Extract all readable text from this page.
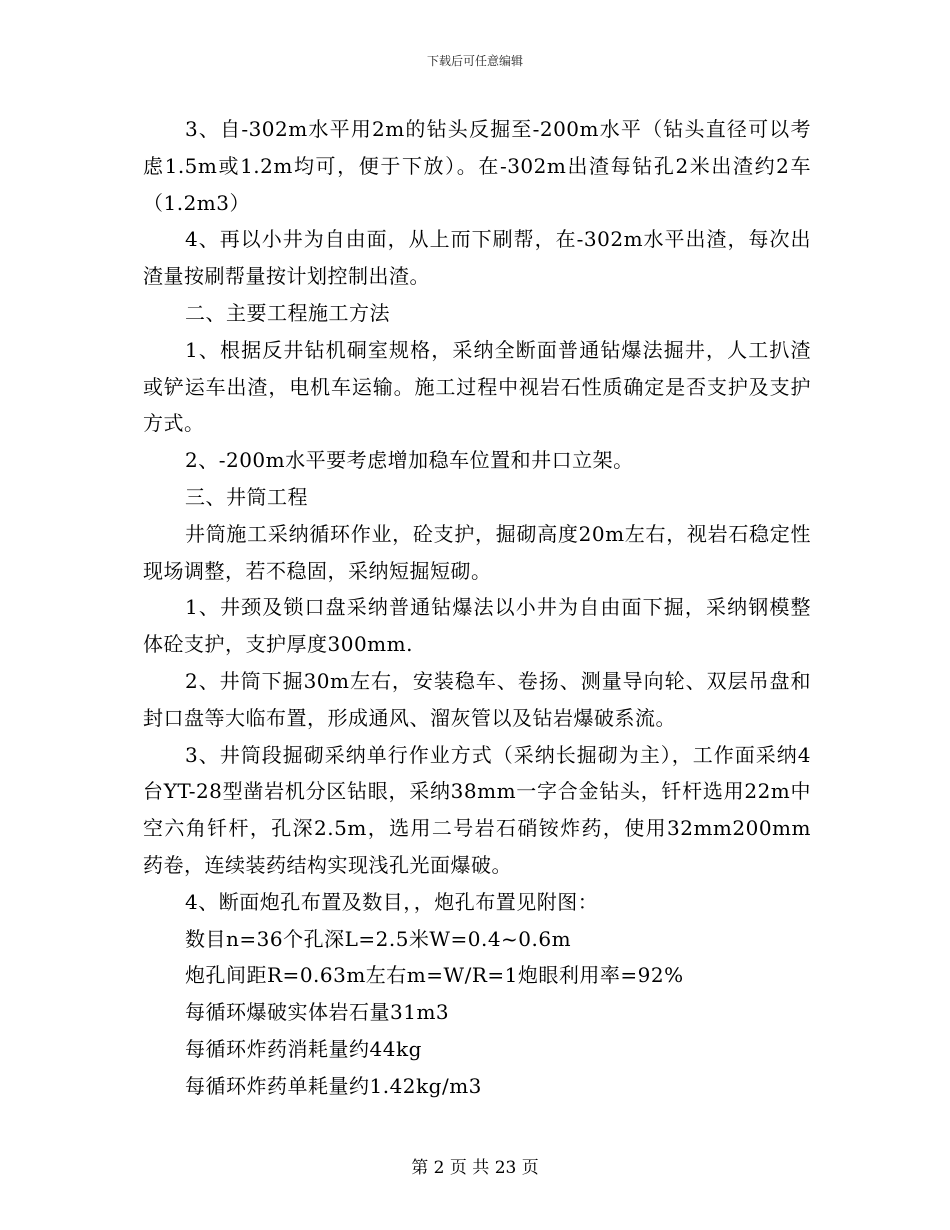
下载后可任意编辑

3、自-302m水平用2m的钻头反掘至-200m水平（钻头直径可以考虑1.5m或1.2m均可，便于下放）。在-302m出渣每钻孔2米出渣约2车（1.2m3）

4、再以小井为自由面，从上而下刷帮，在-302m水平出渣，每次出渣量按刷帮量按计划控制出渣。

二、主要工程施工方法

1、根据反井钻机硐室规格，采纳全断面普通钻爆法掘井，人工扒渣或铲运车出渣，电机车运输。施工过程中视岩石性质确定是否支护及支护方式。

2、-200m水平要考虑增加稳车位置和井口立架。

三、井筒工程

井筒施工采纳循环作业，砼支护，掘砌高度20m左右，视岩石稳定性现场调整，若不稳固，采纳短掘短砌。

1、井颈及锁口盘采纳普通钻爆法以小井为自由面下掘，采纳钢模整体砼支护，支护厚度300mm.

2、井筒下掘30m左右，安装稳车、卷扬、测量导向轮、双层吊盘和封口盘等大临布置，形成通风、溜灰管以及钻岩爆破系流。

3、井筒段掘砌采纳单行作业方式（采纳长掘砌为主），工作面采纳4台YT-28型凿岩机分区钻眼，采纳38mm一字合金钻头，钎杆选用22m中空六角钎杆，孔深2.5m，选用二号岩石硝铵炸药，使用32mm200mm药卷，连续装药结构实现浅孔光面爆破。

4、断面炮孔布置及数目，，炮孔布置见附图：

数目n=36个孔深L=2.5米W=0.4~0.6m

炮孔间距R=0.63m左右m=W/R=1炮眼利用率=92%

每循环爆破实体岩石量31m3

每循环炸药消耗量约44kg

每循环炸药单耗量约1.42kg/m3

第 2 页 共 23 页
